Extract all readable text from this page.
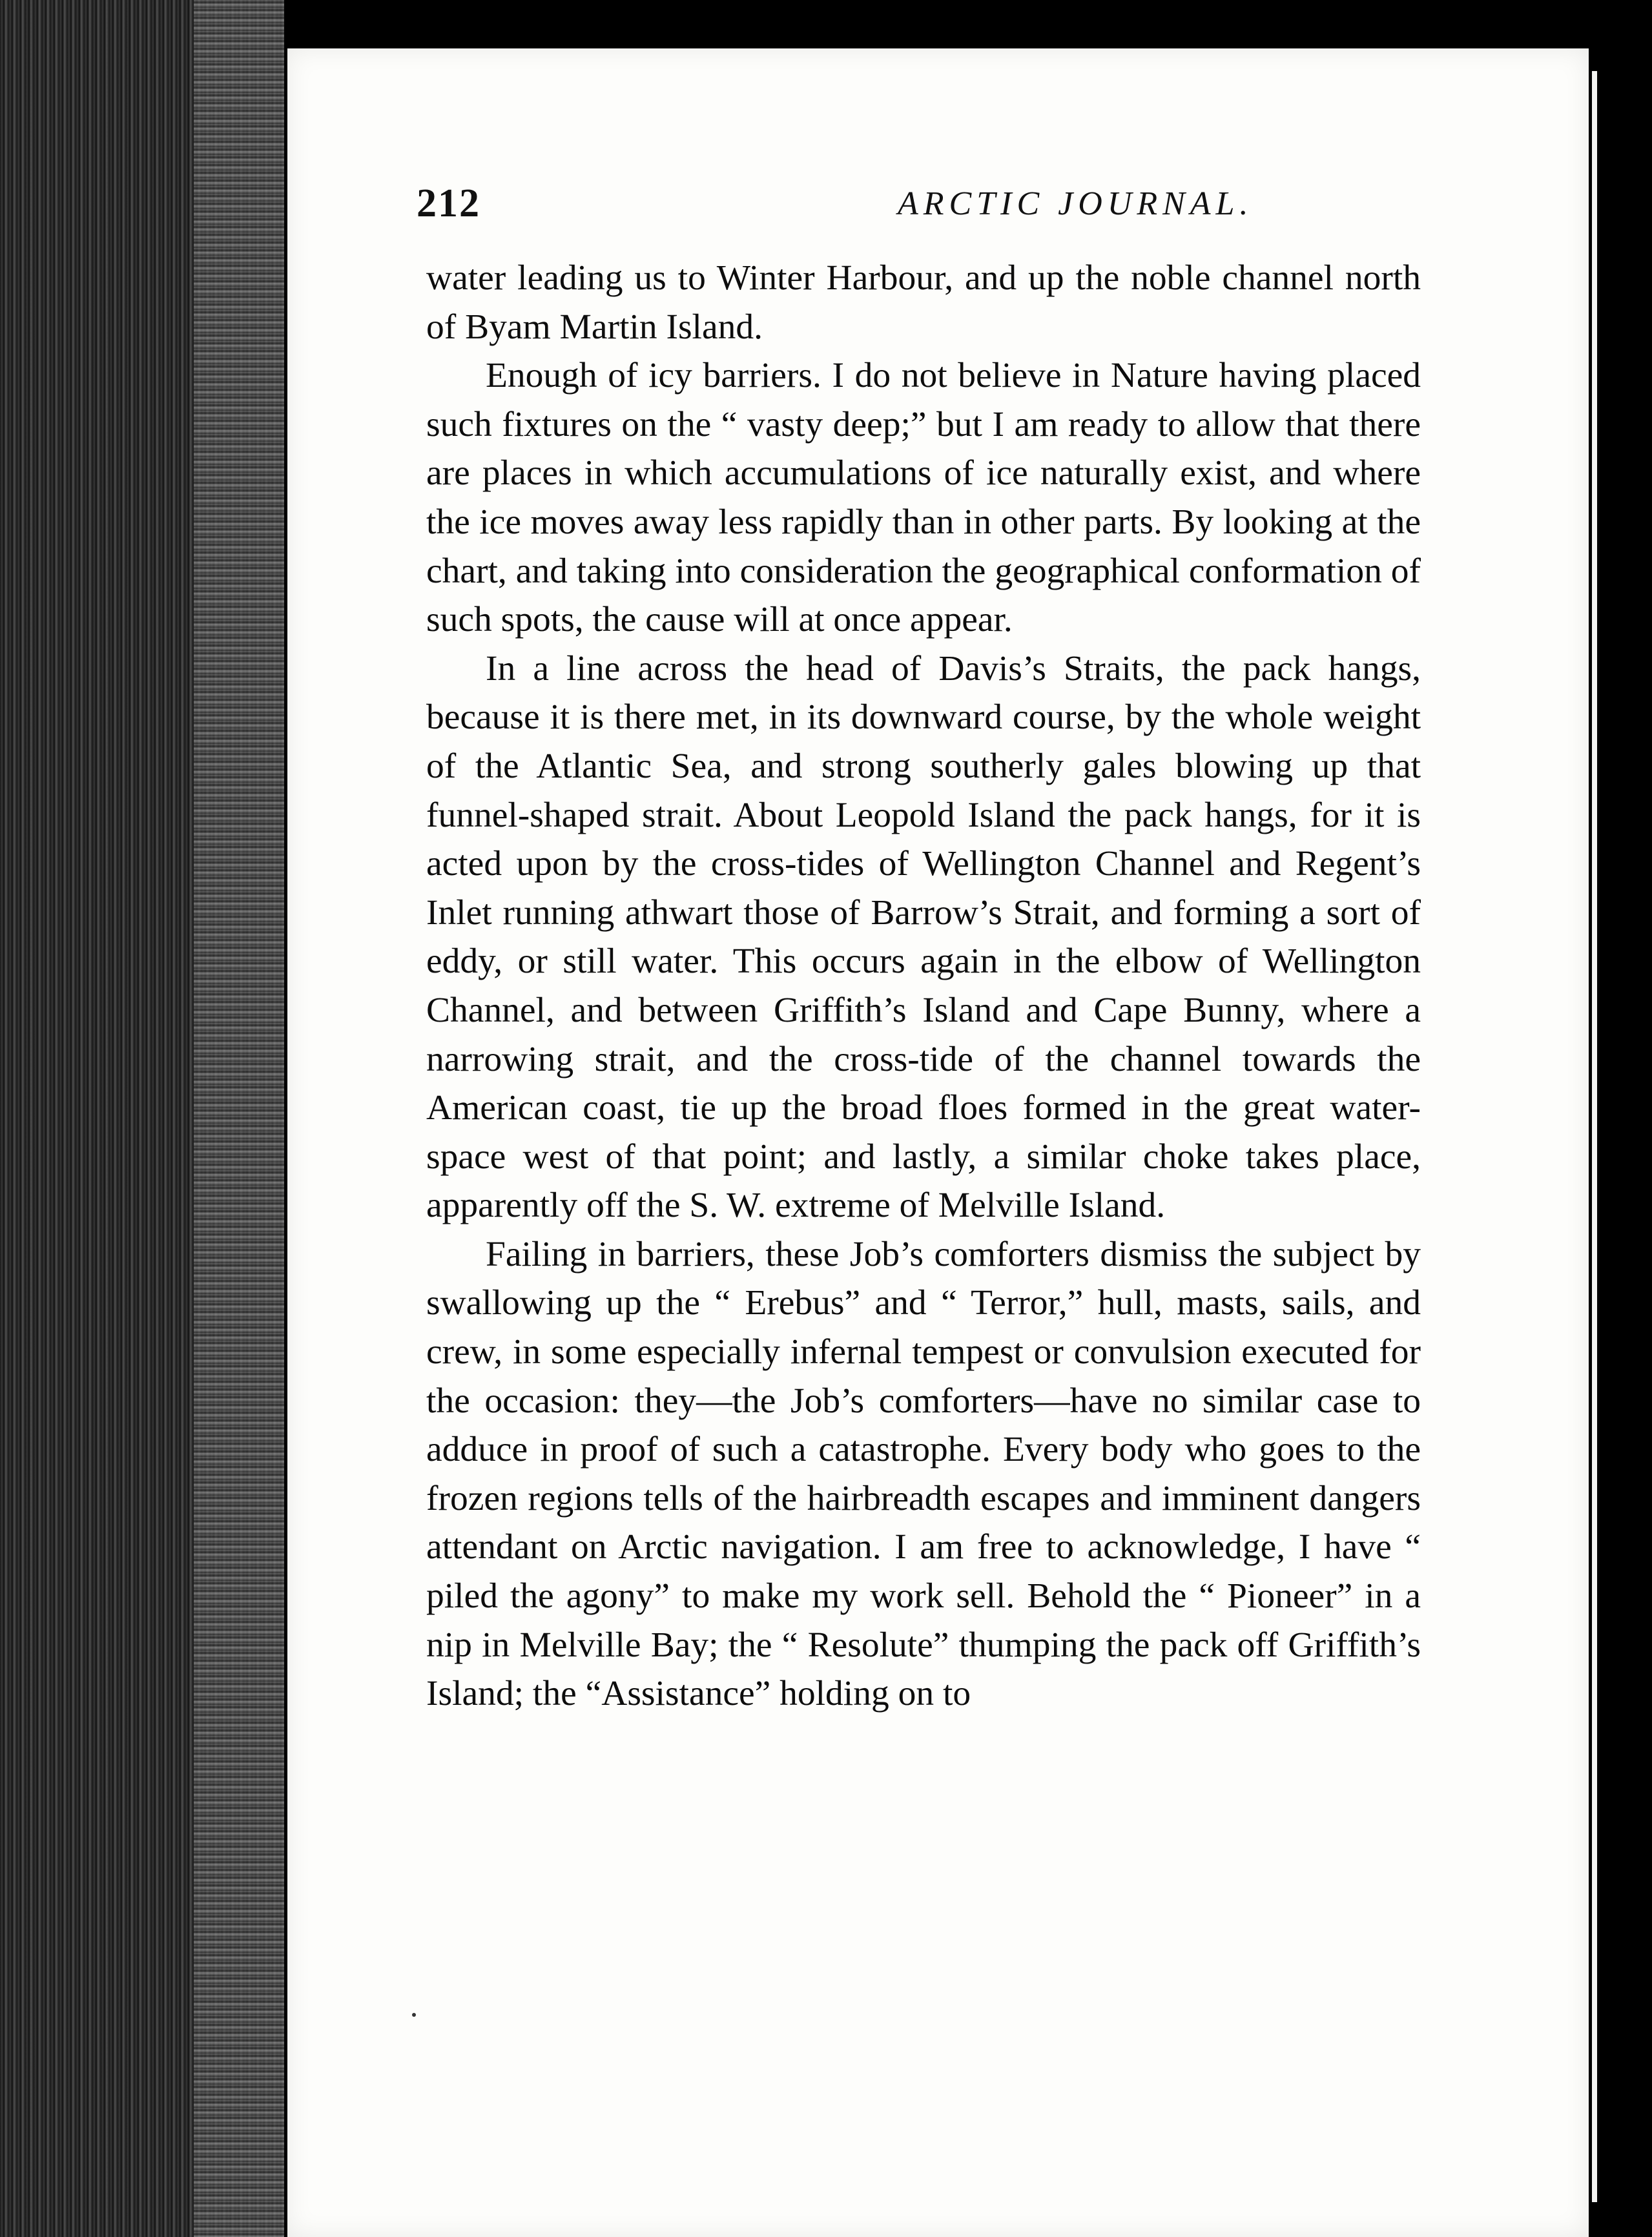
212	ARCTIC JOURNAL.

water leading us to Winter Harbour, and up the noble channel north of Byam Martin Island.

Enough of icy barriers. I do not believe in Nature having placed such fixtures on the “ vasty deep;” but I am ready to allow that there are places in which accumulations of ice naturally exist, and where the ice moves away less rapidly than in other parts. By looking at the chart, and taking into consideration the geographical conformation of such spots, the cause will at once appear.

In a line across the head of Davis’s Straits, the pack hangs, because it is there met, in its downward course, by the whole weight of the Atlantic Sea, and strong southerly gales blowing up that funnel-shaped strait. About Leopold Island the pack hangs, for it is acted upon by the cross-tides of Wellington Channel and Regent’s Inlet running athwart those of Barrow’s Strait, and forming a sort of eddy, or still water. This occurs again in the elbow of Wellington Channel, and between Griffith’s Island and Cape Bunny, where a narrowing strait, and the cross-tide of the channel towards the American coast, tie up the broad floes formed in the great water-space west of that point; and lastly, a similar choke takes place, apparently off the S. W. extreme of Melville Island.

Failing in barriers, these Job’s comforters dismiss the subject by swallowing up the “ Erebus” and “ Terror,” hull, masts, sails, and crew, in some especially infernal tempest or convulsion executed for the occasion: they—the Job’s comforters—have no similar case to adduce in proof of such a catastrophe. Every body who goes to the frozen regions tells of the hairbreadth escapes and imminent dangers attendant on Arctic navigation. I am free to acknowledge, I have “ piled the agony” to make my work sell. Behold the “ Pioneer” in a nip in Melville Bay; the “ Resolute” thumping the pack off Griffith’s Island; the “Assistance” holding on to
